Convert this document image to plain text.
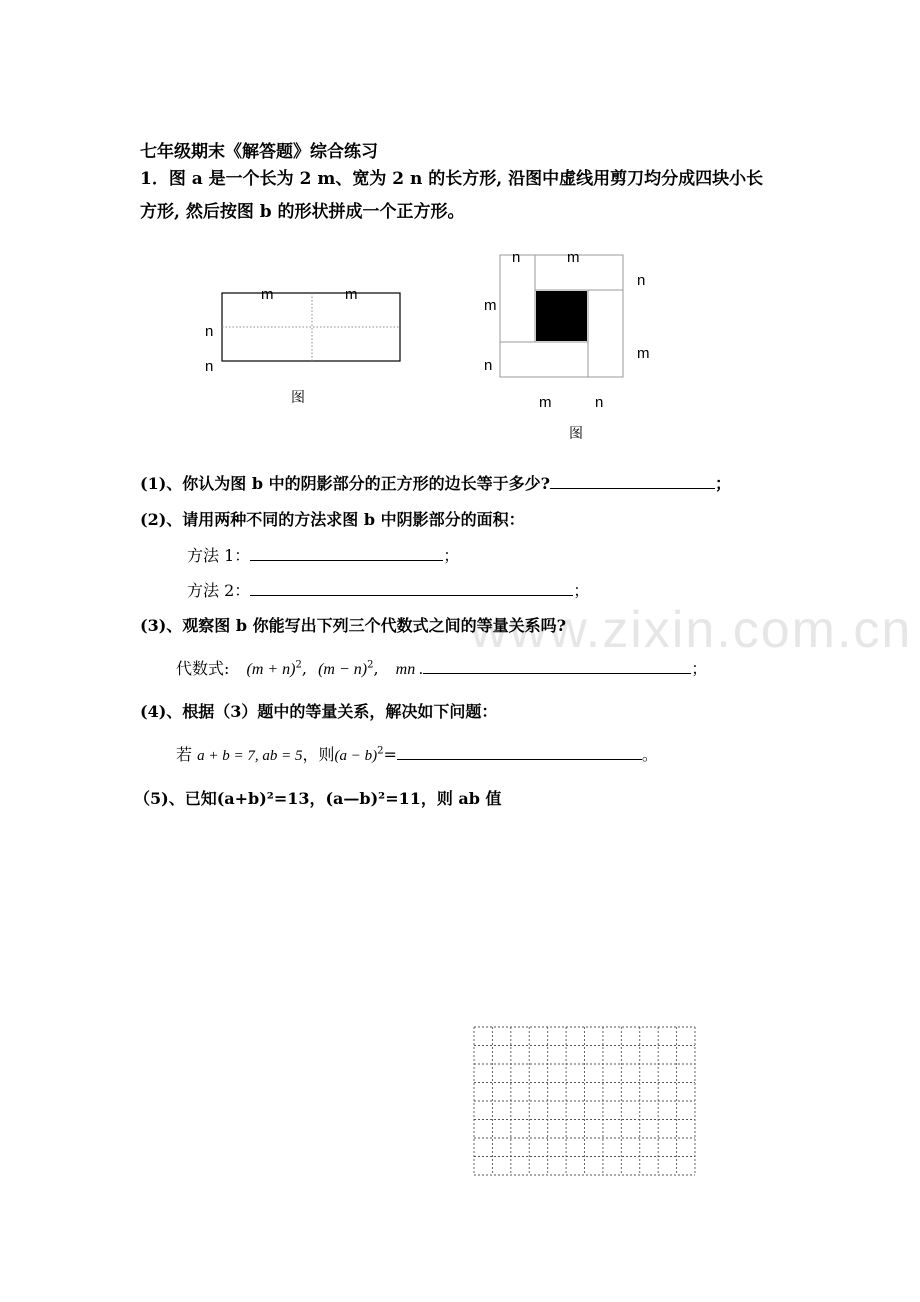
www.zixin.com.cn
七年级期末《解答题》综合练习
1．图 a 是一个长为 2 m、宽为 2 n 的长方形, 沿图中虚线用剪刀均分成四块小长
方形, 然后按图 b 的形状拼成一个正方形。
m	m
n
n
图
n	m
n
m
m
n
m	n
图
(1)、你认为图 b 中的阴影部分的正方形的边长等于多少?	；
(2)、请用两种不同的方法求图 b 中阴影部分的面积：
方法 1：	；
方法 2：	；
(3)、观察图 b 你能写出下列三个代数式之间的等量关系吗?
代数式: $(m + n)^2$, $(m - n)^2$, mn .	；
(4)、根据（3）题中的等量关系，解决如下问题：
若 a + b = 7, ab = 5，则$(a - b)^2=$	。
（5)、已知(a+b)²=13，(a—b)²=11，则 ab 值
